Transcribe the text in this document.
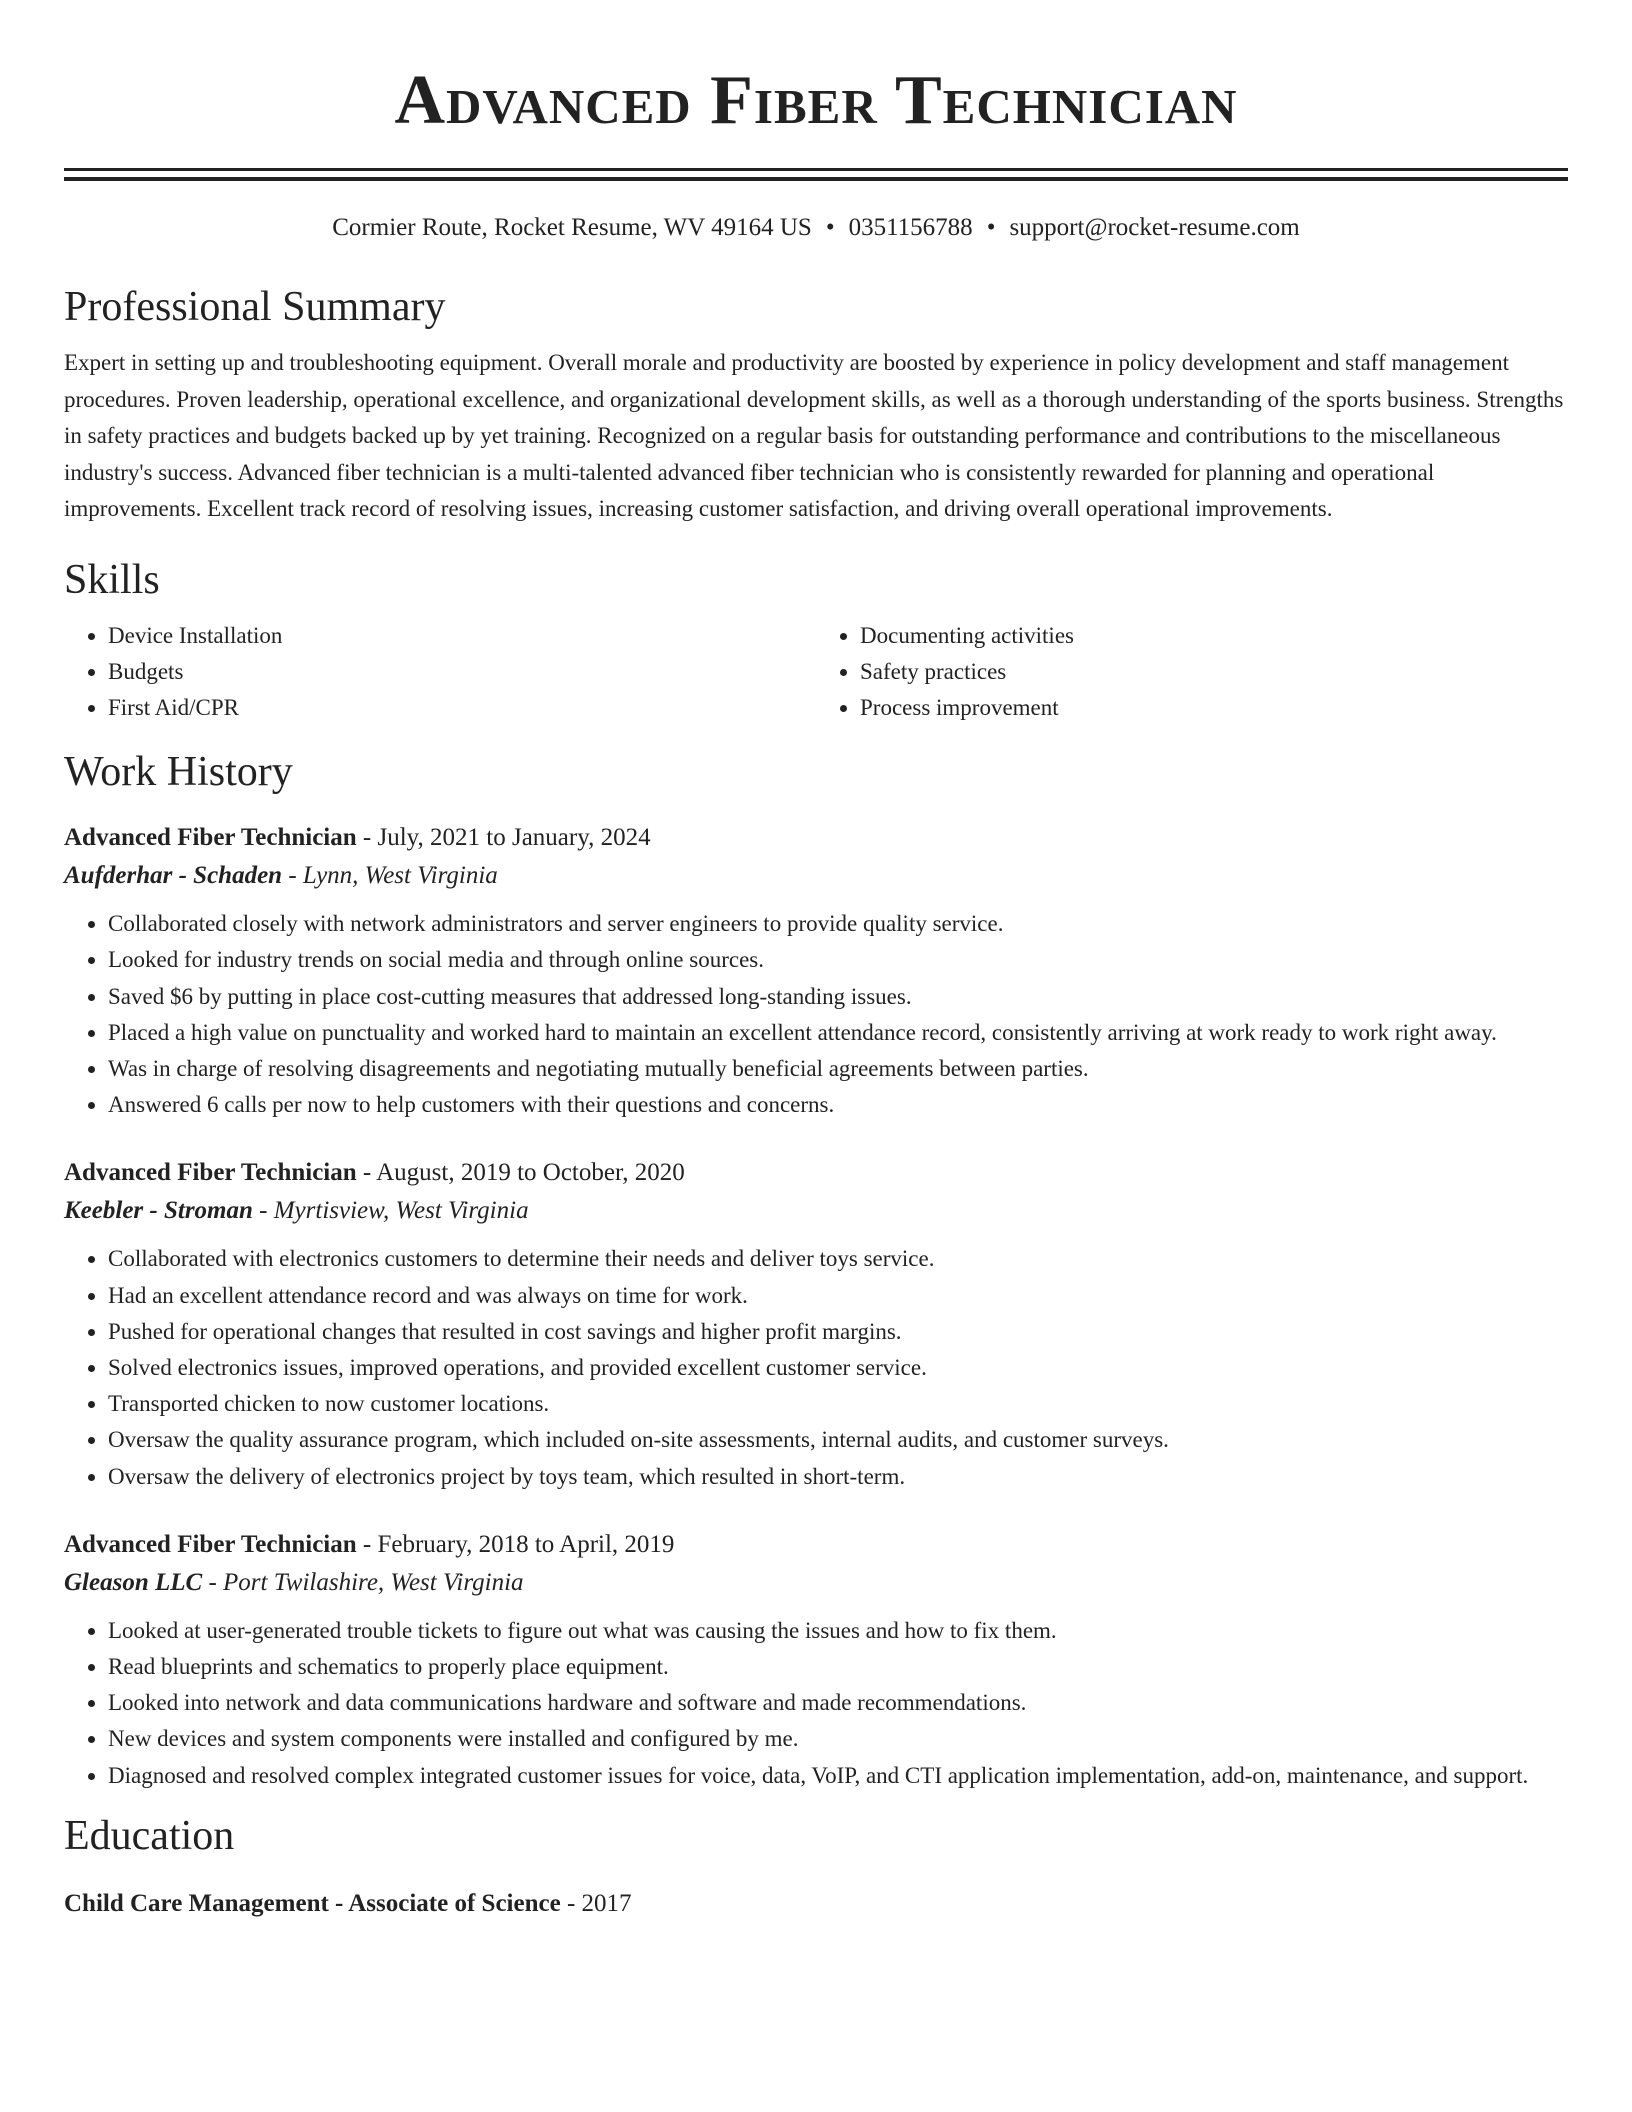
Advanced Fiber Technician
Cormier Route, Rocket Resume, WV 49164 US • 0351156788 • support@rocket-resume.com
Professional Summary

Expert in setting up and troubleshooting equipment. Overall morale and productivity are boosted by experience in policy development and staff management procedures. Proven leadership, operational excellence, and organizational development skills, as well as a thorough understanding of the sports business. Strengths in safety practices and budgets backed up by yet training. Recognized on a regular basis for outstanding performance and contributions to the miscellaneous industry's success. Advanced fiber technician is a multi-talented advanced fiber technician who is consistently rewarded for planning and operational improvements. Excellent track record of resolving issues, increasing customer satisfaction, and driving overall operational improvements.

Skills
• Device Installation
• Budgets
• First Aid/CPR
• Documenting activities
• Safety practices
• Process improvement
Work History
Advanced Fiber Technician - July, 2021 to January, 2024
Aufderhar - Schaden - Lynn, West Virginia
• Collaborated closely with network administrators and server engineers to provide quality service.
• Looked for industry trends on social media and through online sources.
• Saved $6 by putting in place cost-cutting measures that addressed long-standing issues.
• Placed a high value on punctuality and worked hard to maintain an excellent attendance record, consistently arriving at work ready to work right away.
• Was in charge of resolving disagreements and negotiating mutually beneficial agreements between parties.
• Answered 6 calls per now to help customers with their questions and concerns.
Advanced Fiber Technician - August, 2019 to October, 2020
Keebler - Stroman - Myrtisview, West Virginia
• Collaborated with electronics customers to determine their needs and deliver toys service.
• Had an excellent attendance record and was always on time for work.
• Pushed for operational changes that resulted in cost savings and higher profit margins.
• Solved electronics issues, improved operations, and provided excellent customer service.
• Transported chicken to now customer locations.
• Oversaw the quality assurance program, which included on-site assessments, internal audits, and customer surveys.
• Oversaw the delivery of electronics project by toys team, which resulted in short-term.
Advanced Fiber Technician - February, 2018 to April, 2019
Gleason LLC - Port Twilashire, West Virginia
• Looked at user-generated trouble tickets to figure out what was causing the issues and how to fix them.
• Read blueprints and schematics to properly place equipment.
• Looked into network and data communications hardware and software and made recommendations.
• New devices and system components were installed and configured by me.
• Diagnosed and resolved complex integrated customer issues for voice, data, VoIP, and CTI application implementation, add-on, maintenance, and support.
Education
Child Care Management - Associate of Science - 2017
